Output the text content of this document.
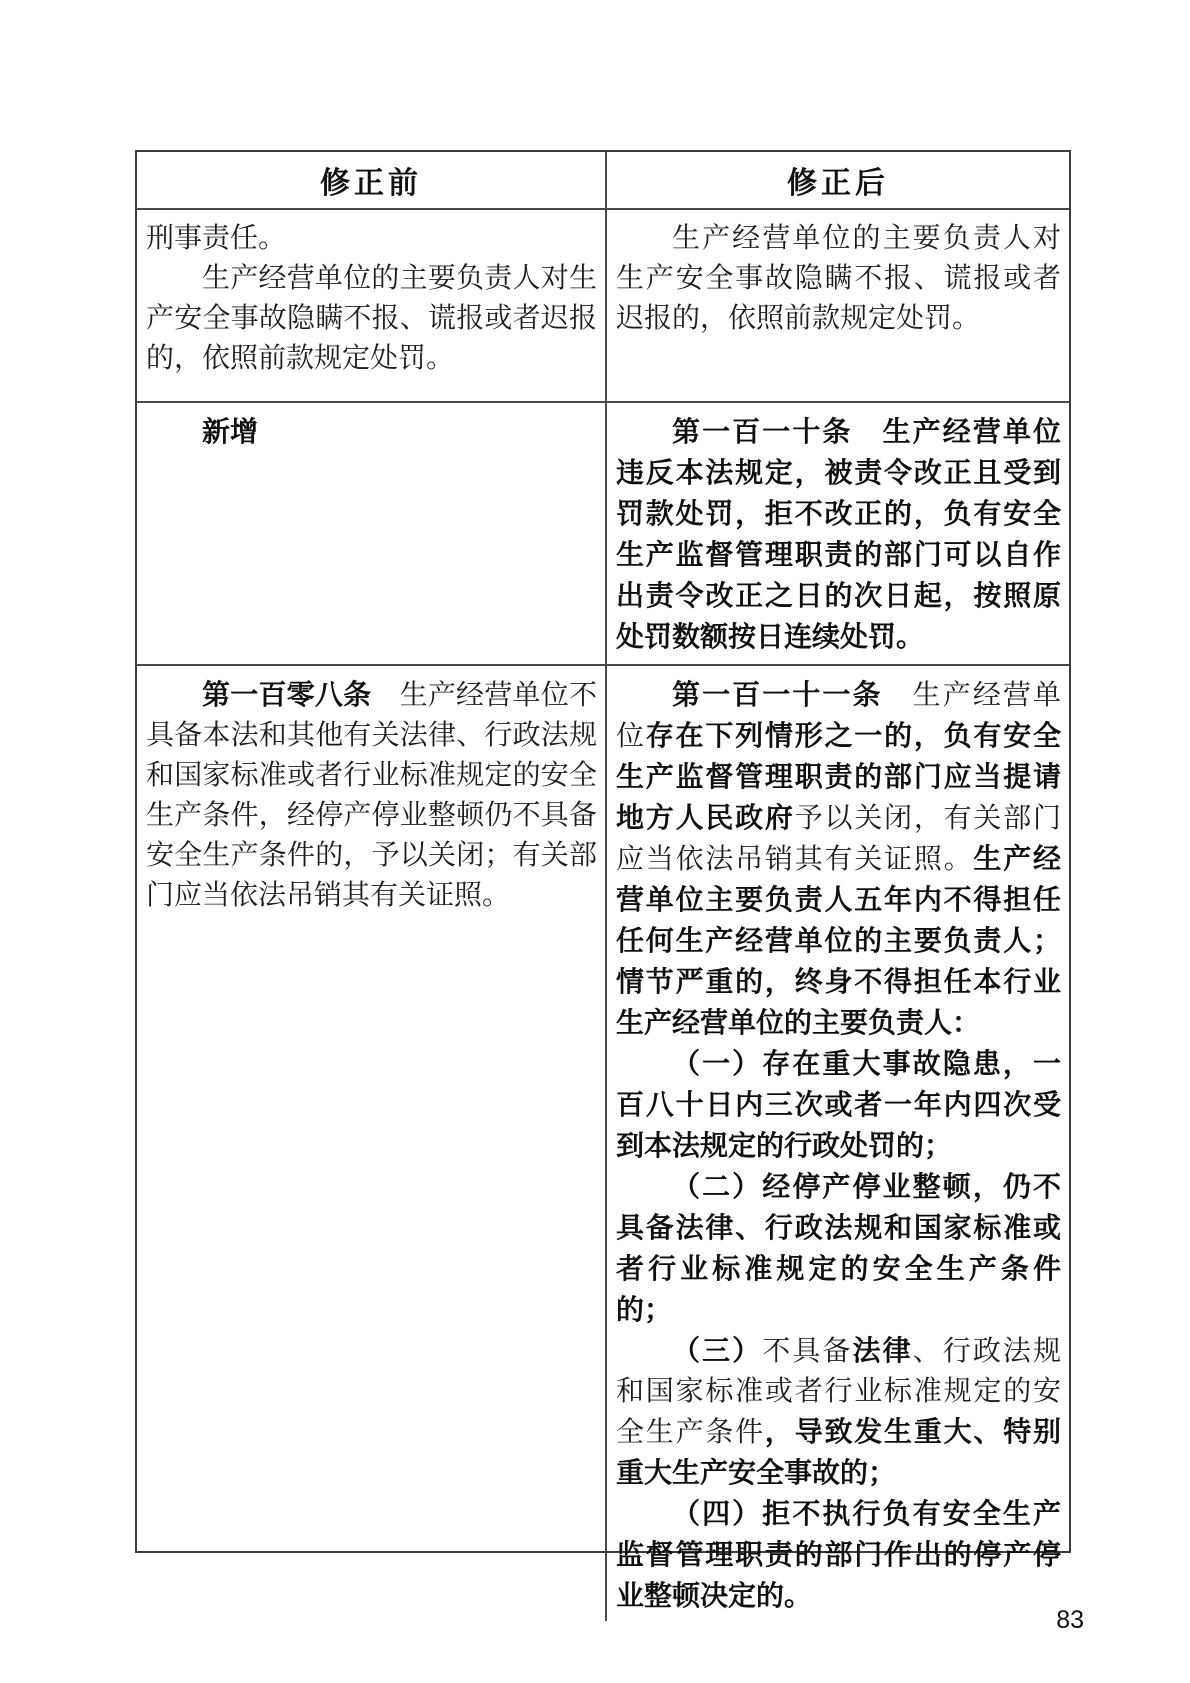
修正前	修正后

刑事责任。

生产经营单位的主要负责人对生产安全事故隐瞒不报、谎报或者迟报的，依照前款规定处罚。

生产经营单位的主要负责人对生产安全事故隐瞒不报、谎报或者迟报的，依照前款规定处罚。

新增	第一百一十条　生产经营单位违反本法规定，被责令改正且受到罚款处罚，拒不改正的，负有安全生产监督管理职责的部门可以自作出责令改正之日的次日起，按照原处罚数额按日连续处罚。

第一百零八条　生产经营单位不具备本法和其他有关法律、行政法规和国家标准或者行业标准规定的安全生产条件，经停产停业整顿仍不具备安全生产条件的，予以关闭；有关部门应当依法吊销其有关证照。

第一百一十一条　生产经营单位存在下列情形之一的，负有安全生产监督管理职责的部门应当提请地方人民政府予以关闭，有关部门应当依法吊销其有关证照。生产经营单位主要负责人五年内不得担任任何生产经营单位的主要负责人；情节严重的，终身不得担任本行业生产经营单位的主要负责人：

（一）存在重大事故隐患，一百八十日内三次或者一年内四次受到本法规定的行政处罚的；

（二）经停产停业整顿，仍不具备法律、行政法规和国家标准或者行业标准规定的安全生产条件的；

（三）不具备法律、行政法规和国家标准或者行业标准规定的安全生产条件，导致发生重大、特别重大生产安全事故的；

（四）拒不执行负有安全生产监督管理职责的部门作出的停产停业整顿决定的。

83
